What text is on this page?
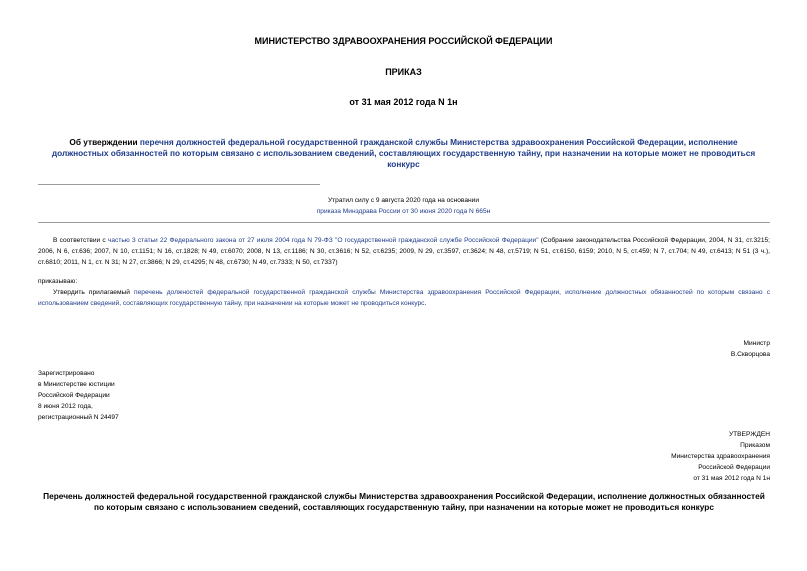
МИНИСТЕРСТВО ЗДРАВООХРАНЕНИЯ РОССИЙСКОЙ ФЕДЕРАЦИИ
ПРИКАЗ
от 31 мая 2012 года N 1н
Об утверждении перечня должностей федеральной государственной гражданской службы Министерства здравоохранения Российской Федерации, исполнение должностных обязанностей по которым связано с использованием сведений, составляющих государственную тайну, при назначении на которые может не проводиться конкурс
Утратил силу с 9 августа 2020 года на основании
приказа Минздрава России от 30 июня 2020 года N 665н
В соответствии с частью 3 статьи 22 Федерального закона от 27 июля 2004 года N 79-ФЗ "О государственной гражданской службе Российской Федерации" (Собрание законодательства Российской Федерации, 2004, N 31, ст.3215; 2006, N 6, ст.636; 2007, N 10, ст.1151; N 16, ст.1828; N 49, ст.6070; 2008, N 13, ст.1186; N 30, ст.3616; N 52, ст.6235; 2009, N 29, ст.3597, ст.3624; N 48, ст.5719; N 51, ст.6150, 6159; 2010, N 5, ст.459; N 7, ст.704; N 49, ст.6413; N 51 (3 ч.), ст.6810; 2011, N 1, ст. N 31; N 27, ст.3866; N 29, ст.4295; N 48, ст.6730; N 49, ст.7333; N 50, ст.7337)
приказываю:
Утвердить прилагаемый перечень должностей федеральной государственной гражданской службы Министерства здравоохранения Российской Федерации, исполнение должностных обязанностей по которым связано с использованием сведений, составляющих государственную тайну, при назначении на которые может не проводиться конкурс.
Министр
В.Скворцова
Зарегистрировано
в Министерстве юстиции
Российской Федерации
8 июня 2012 года,
регистрационный N 24497
УТВЕРЖДЕН
Приказом
Министерства здравоохранения
Российской Федерации
от 31 мая 2012 года N 1н
Перечень должностей федеральной государственной гражданской службы Министерства здравоохранения Российской Федерации, исполнение должностных обязанностей по которым связано с использованием сведений, составляющих государственную тайну, при назначении на которые может не проводиться конкурс
